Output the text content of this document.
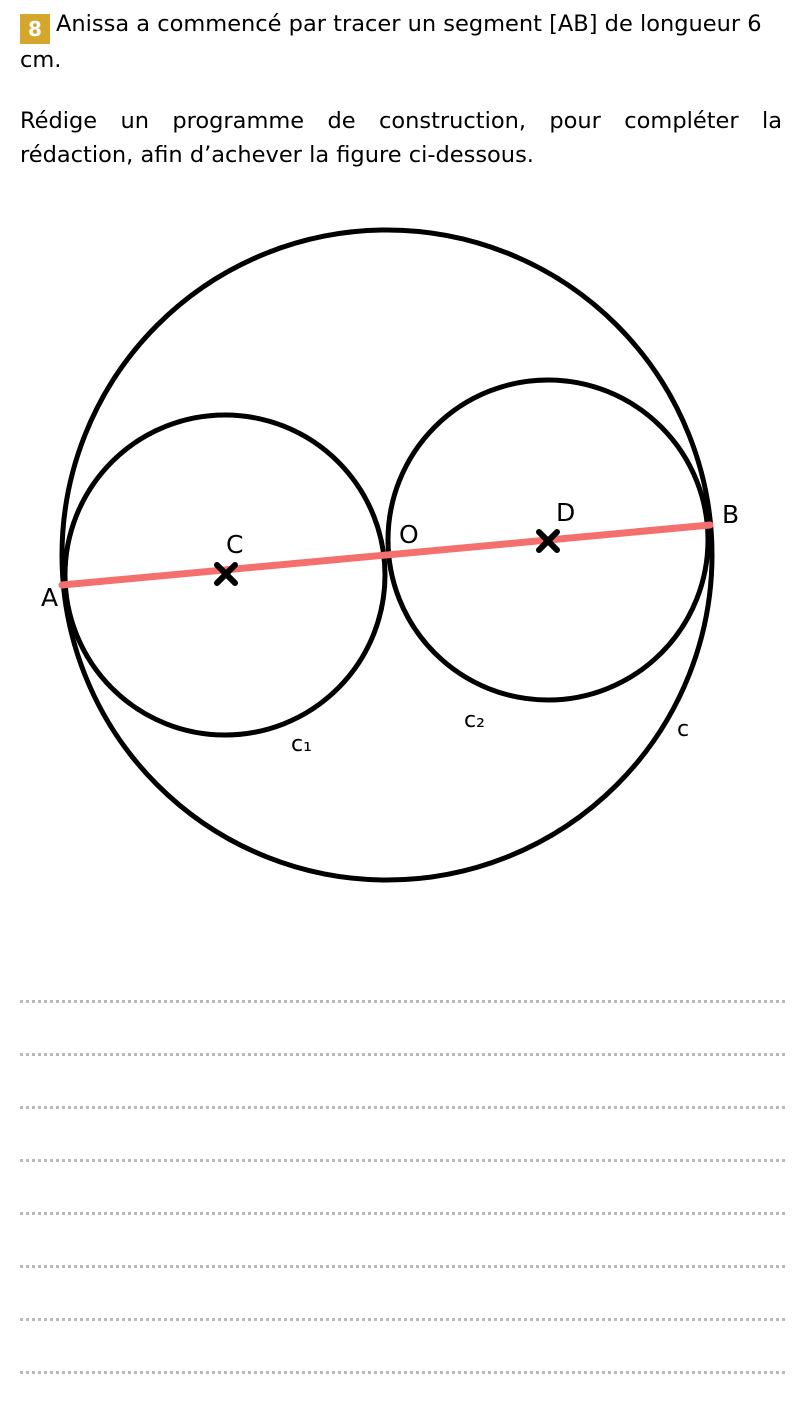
8 Anissa a commencé par tracer un segment [AB] de longueur 6 cm.
Rédige un programme de construction, pour compléter la rédaction, afin d’achever la figure ci-dessous.
A
B
C
D
O
c₁
c₂	c
